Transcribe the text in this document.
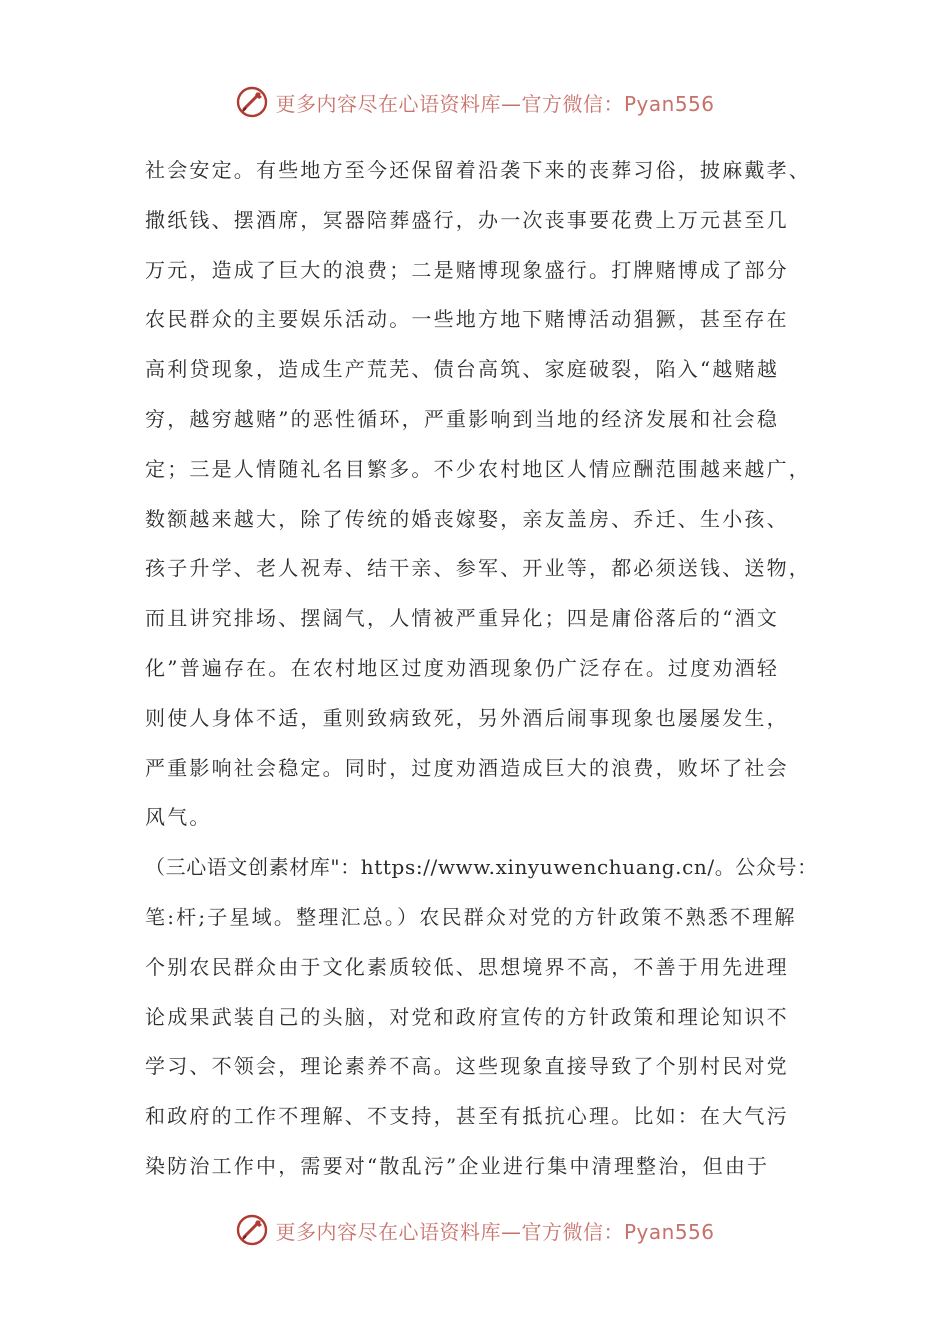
更多内容尽在心语资料库—官方微信：Pyan556
社会安定。有些地方至今还保留着沿袭下来的丧葬习俗，披麻戴孝、
撒纸钱、摆酒席，冥器陪葬盛行，办一次丧事要花费上万元甚至几
万元，造成了巨大的浪费；二是赌博现象盛行。打牌赌博成了部分
农民群众的主要娱乐活动。一些地方地下赌博活动猖獗，甚至存在
高利贷现象，造成生产荒芜、债台高筑、家庭破裂，陷入“越赌越
穷，越穷越赌”的恶性循环，严重影响到当地的经济发展和社会稳
定；三是人情随礼名目繁多。不少农村地区人情应酬范围越来越广，
数额越来越大，除了传统的婚丧嫁娶，亲友盖房、乔迁、生小孩、
孩子升学、老人祝寿、结干亲、参军、开业等，都必须送钱、送物，
而且讲究排场、摆阔气，人情被严重异化；四是庸俗落后的“酒文
化”普遍存在。在农村地区过度劝酒现象仍广泛存在。过度劝酒轻
则使人身体不适，重则致病致死，另外酒后闹事现象也屡屡发生，
严重影响社会稳定。同时，过度劝酒造成巨大的浪费，败坏了社会
风气。
（三心语文创素材库"：https://www.xinyuwenchuang.cn/。公众号：
笔:杆;子星域。整理汇总。）农民群众对党的方针政策不熟悉不理解
个别农民群众由于文化素质较低、思想境界不高，不善于用先进理
论成果武装自己的头脑，对党和政府宣传的方针政策和理论知识不
学习、不领会，理论素养不高。这些现象直接导致了个别村民对党
和政府的工作不理解、不支持，甚至有抵抗心理。比如：在大气污
染防治工作中，需要对“散乱污”企业进行集中清理整治，但由于
更多内容尽在心语资料库—官方微信：Pyan556
